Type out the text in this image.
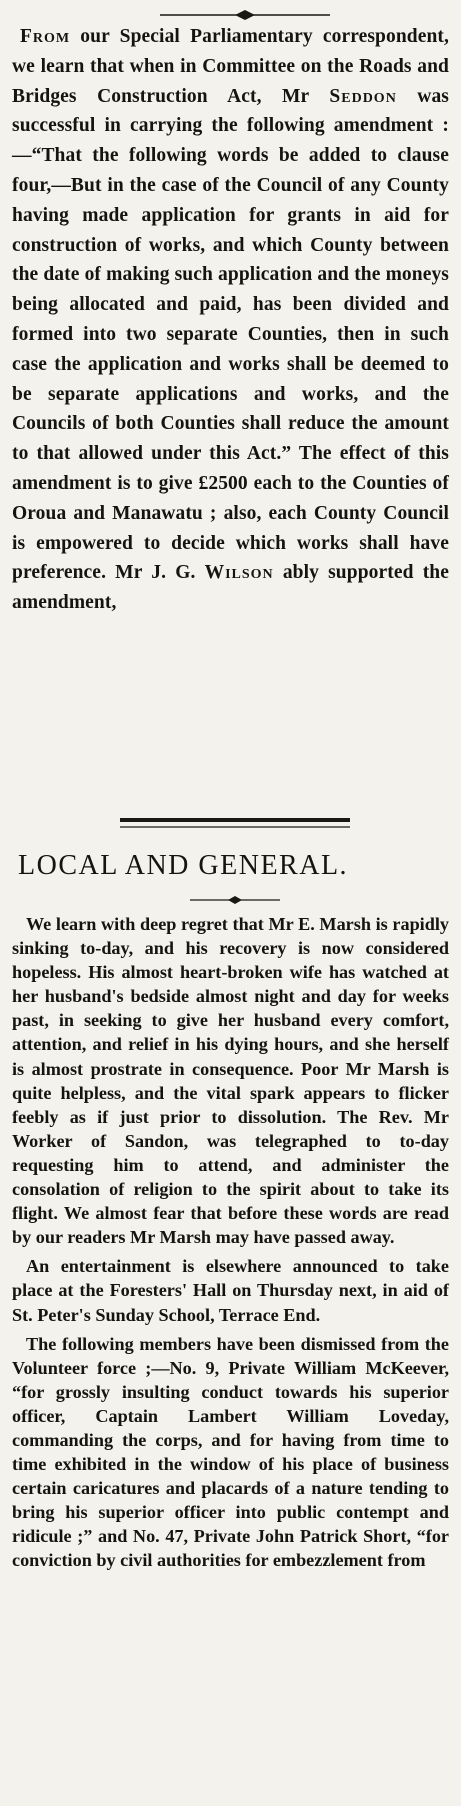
From our Special Parliamentary correspondent, we learn that when in Committee on the Roads and Bridges Construction Act, Mr Seddon was successful in carrying the following amendment :—“That the following words be added to clause four,—But in the case of the Council of any County having made application for grants in aid for construction of works, and which County between the date of making such application and the moneys being allocated and paid, has been divided and formed into two separate Counties, then in such case the application and works shall be deemed to be separate applications and works, and the Councils of both Counties shall reduce the amount to that allowed under this Act.” The effect of this amendment is to give £2500 each to the Counties of Oroua and Manawatu ; also, each County Council is empowered to decide which works shall have preference. Mr J. G. Wilson ably supported the amendment,

LOCAL AND GENERAL.

We learn with deep regret that Mr E. Marsh is rapidly sinking to-day, and his recovery is now considered hopeless. His almost heart-broken wife has watched at her husband's bedside almost night and day for weeks past, in seeking to give her husband every comfort, attention, and relief in his dying hours, and she herself is almost prostrate in consequence. Poor Mr Marsh is quite helpless, and the vital spark appears to flicker feebly as if just prior to dissolution. The Rev. Mr Worker of Sandon, was telegraphed to to-day requesting him to attend, and administer the consolation of religion to the spirit about to take its flight. We almost fear that before these words are read by our readers Mr Marsh may have passed away.

An entertainment is elsewhere announced to take place at the Foresters' Hall on Thursday next, in aid of St. Peter's Sunday School, Terrace End.

The following members have been dismissed from the Volunteer force ;—No. 9, Private William McKeever, “for grossly insulting conduct towards his superior officer, Captain Lambert William Loveday, commanding the corps, and for having from time to time exhibited in the window of his place of business certain caricatures and placards of a nature tending to bring his superior officer into public contempt and ridicule ;” and No. 47, Private John Patrick Short, “for conviction by civil authorities for embezzlement from
